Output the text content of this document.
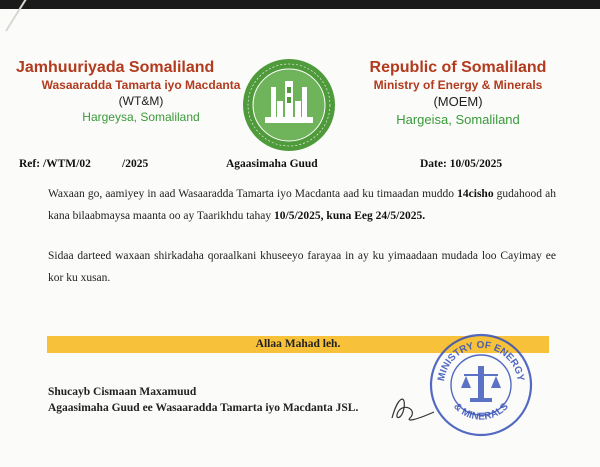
Jamhuuriyada Somaliland
Wasaaradda Tamarta iyo Macdanta
(WT&M)
Hargeysa, Somaliland
Republic of Somaliland
Ministry of Energy & Minerals
(MOEM)
Hargeisa, Somaliland
Ref: /WTM/02	/2025	Agaasimaha Guud	Date: 10/05/2025
Waxaan go, aamiyey in aad Wasaaradda Tamarta iyo Macdanta aad ku timaadan muddo 14cisho gudahood ah kana bilaabmaysa maanta oo ay Taarikhdu tahay 10/5/2025, kuna Eeg 24/5/2025.
Sidaa darteed waxaan shirkadaha qoraalkani khuseeyo farayaa in ay ku yimaadaan mudada loo Cayimay ee kor ku xusan.
Allaa Mahad leh.
Shucayb Cismaan Maxamuud
Agaasimaha Guud ee Wasaaradda Tamarta iyo Macdanta JSL.
MINISTRY OF ENERGY
& MINERALS
